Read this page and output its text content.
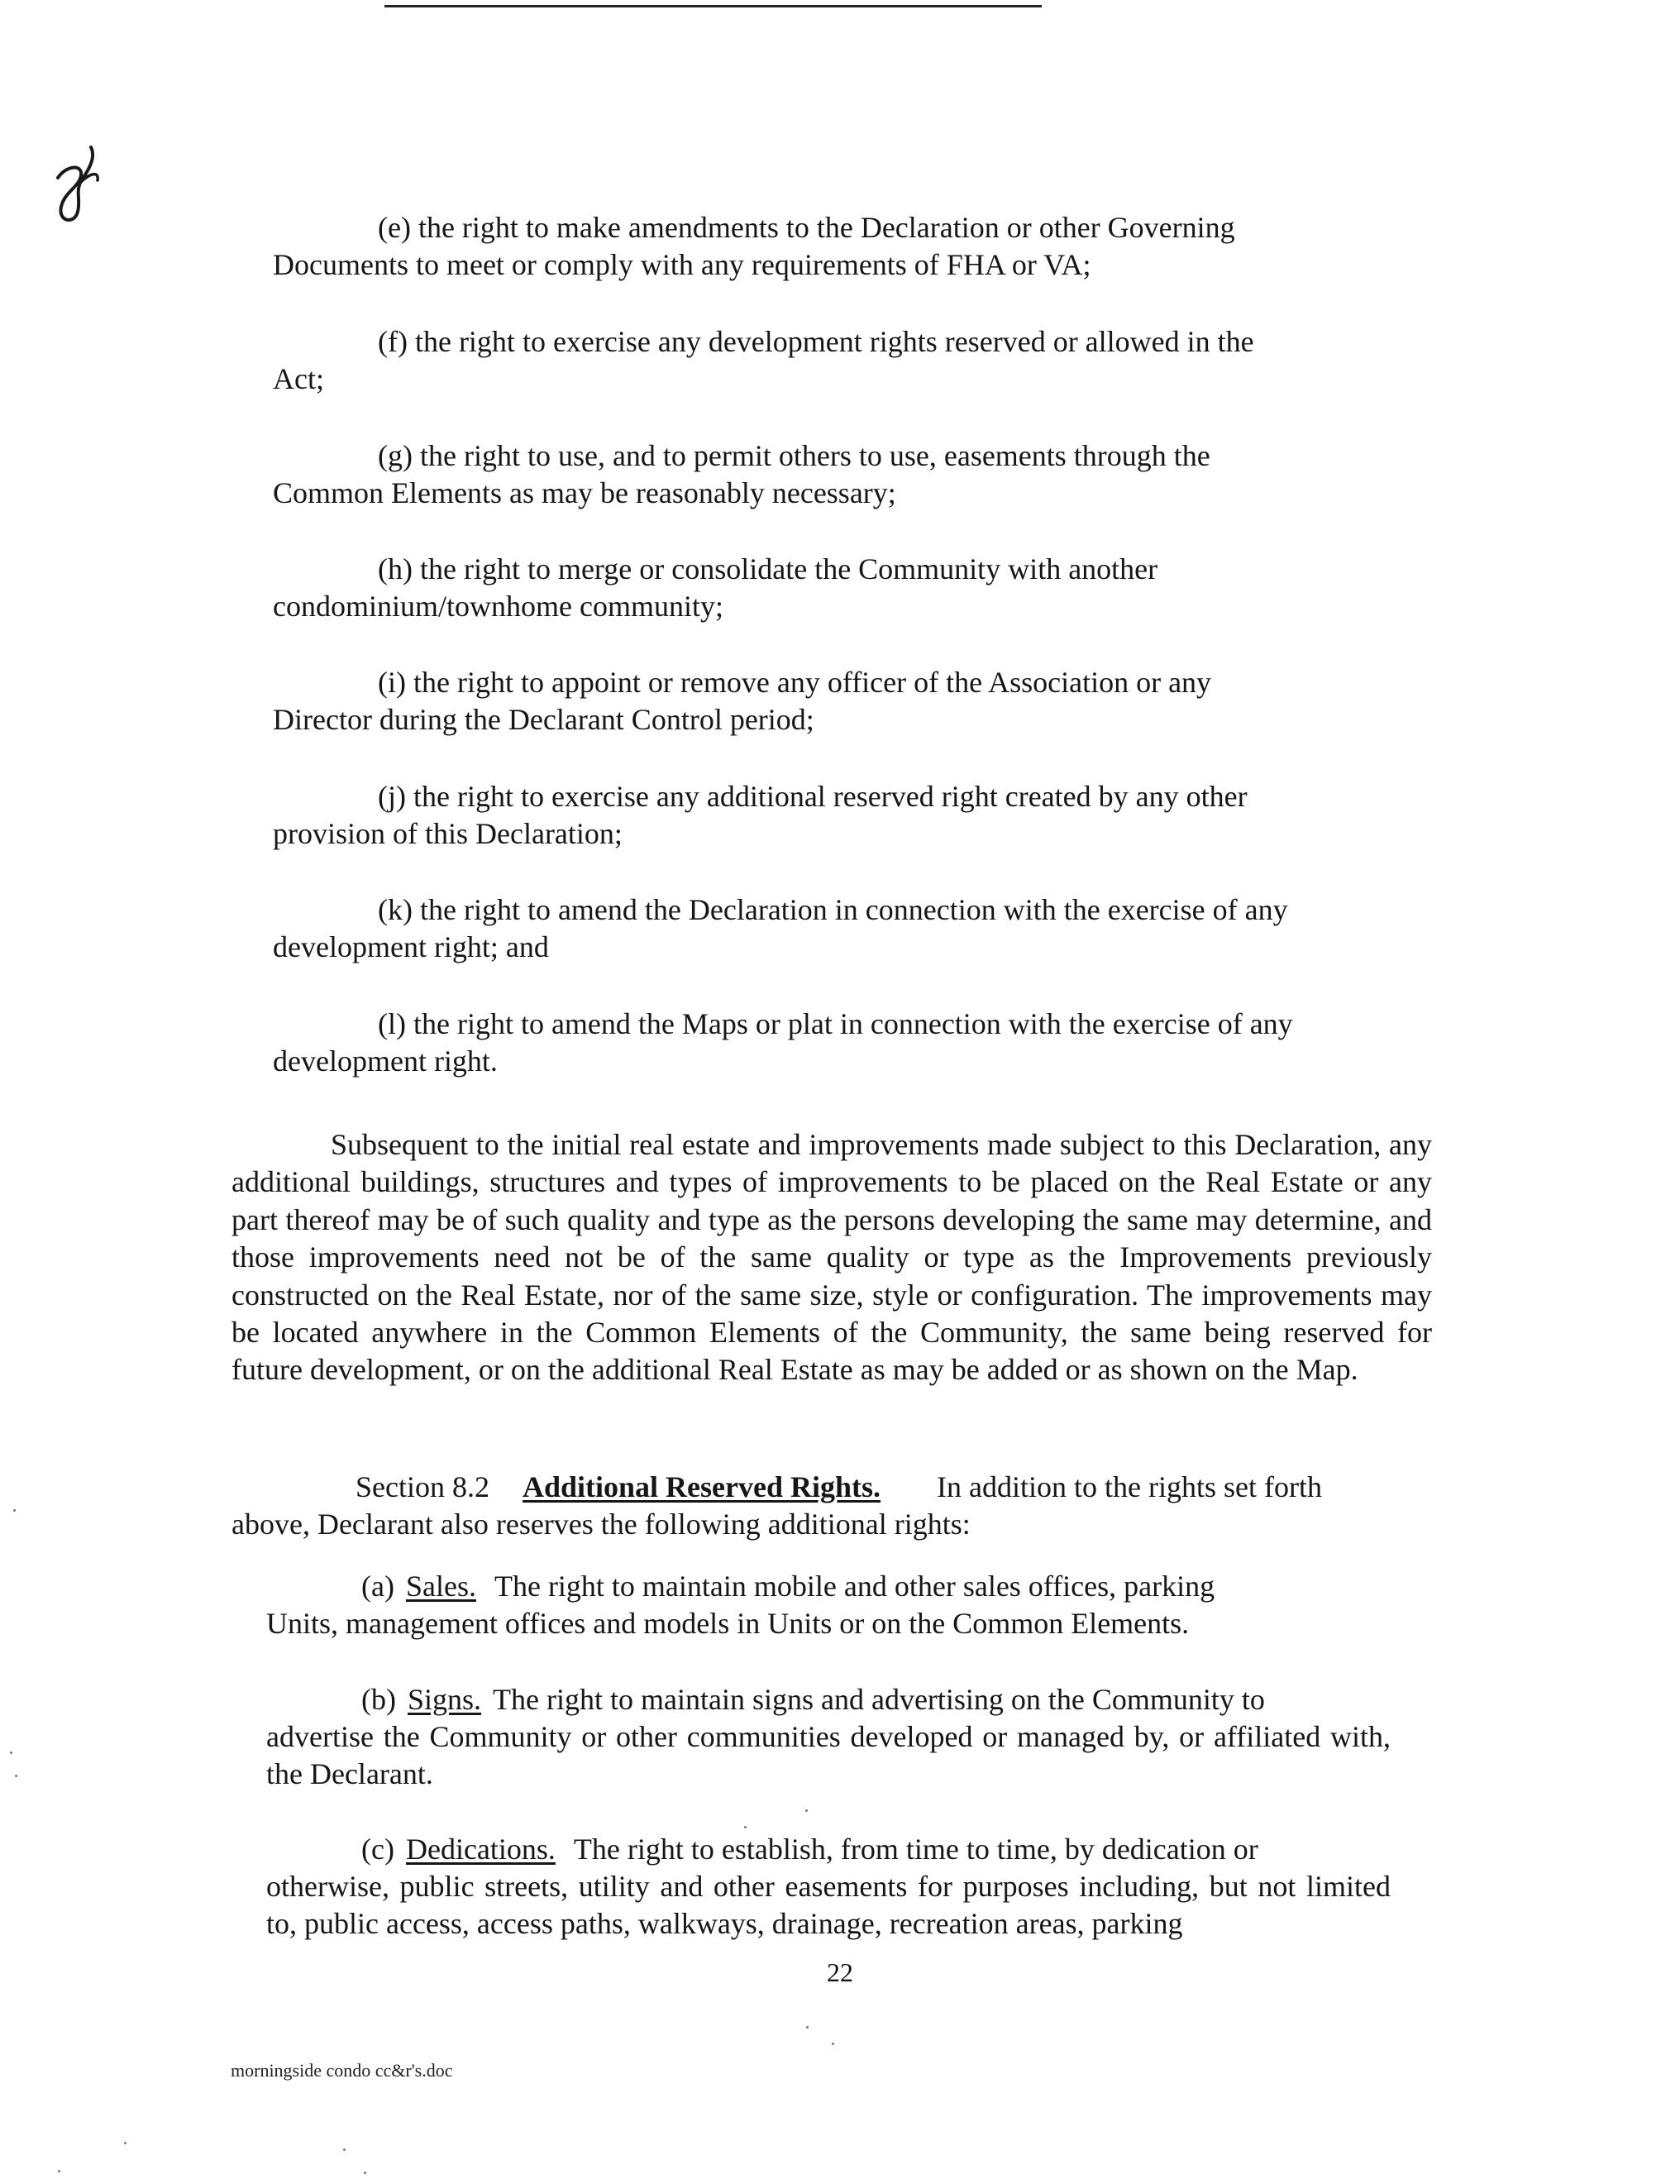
(e) the right to make amendments to the Declaration or other Governing
Documents to meet or comply with any requirements of FHA or VA;

(f) the right to exercise any development rights reserved or allowed in the
Act;

(g) the right to use, and to permit others to use, easements through the
Common Elements as may be reasonably necessary;

(h) the right to merge or consolidate the Community with another
condominium/townhome community;

(i) the right to appoint or remove any officer of the Association or any
Director during the Declarant Control period;

(j) the right to exercise any additional reserved right created by any other
provision of this Declaration;

(k) the right to amend the Declaration in connection with the exercise of any
development right; and

(l) the right to amend the Maps or plat in connection with the exercise of any
development right.

Subsequent to the initial real estate and improvements made subject to this Declaration, any additional buildings, structures and types of improvements to be placed on the Real Estate or any part thereof may be of such quality and type as the persons developing the same may determine, and those improvements need not be of the same quality or type as the Improvements previously constructed on the Real Estate, nor of the same size, style or configuration. The improvements may be located anywhere in the Common Elements of the Community, the same being reserved for future development, or on the additional Real Estate as may be added or as shown on the Map.

Section 8.2 Additional Reserved Rights. In addition to the rights set forth
above, Declarant also reserves the following additional rights:

(a) Sales. The right to maintain mobile and other sales offices, parking
Units, management offices and models in Units or on the Common Elements.

(b) Signs. The right to maintain signs and advertising on the Community to
advertise the Community or other communities developed or managed by, or affiliated with, the Declarant.

(c) Dedications. The right to establish, from time to time, by dedication or
otherwise, public streets, utility and other easements for purposes including, but not limited to, public access, access paths, walkways, drainage, recreation areas, parking

22

morningside condo cc&r's.doc
